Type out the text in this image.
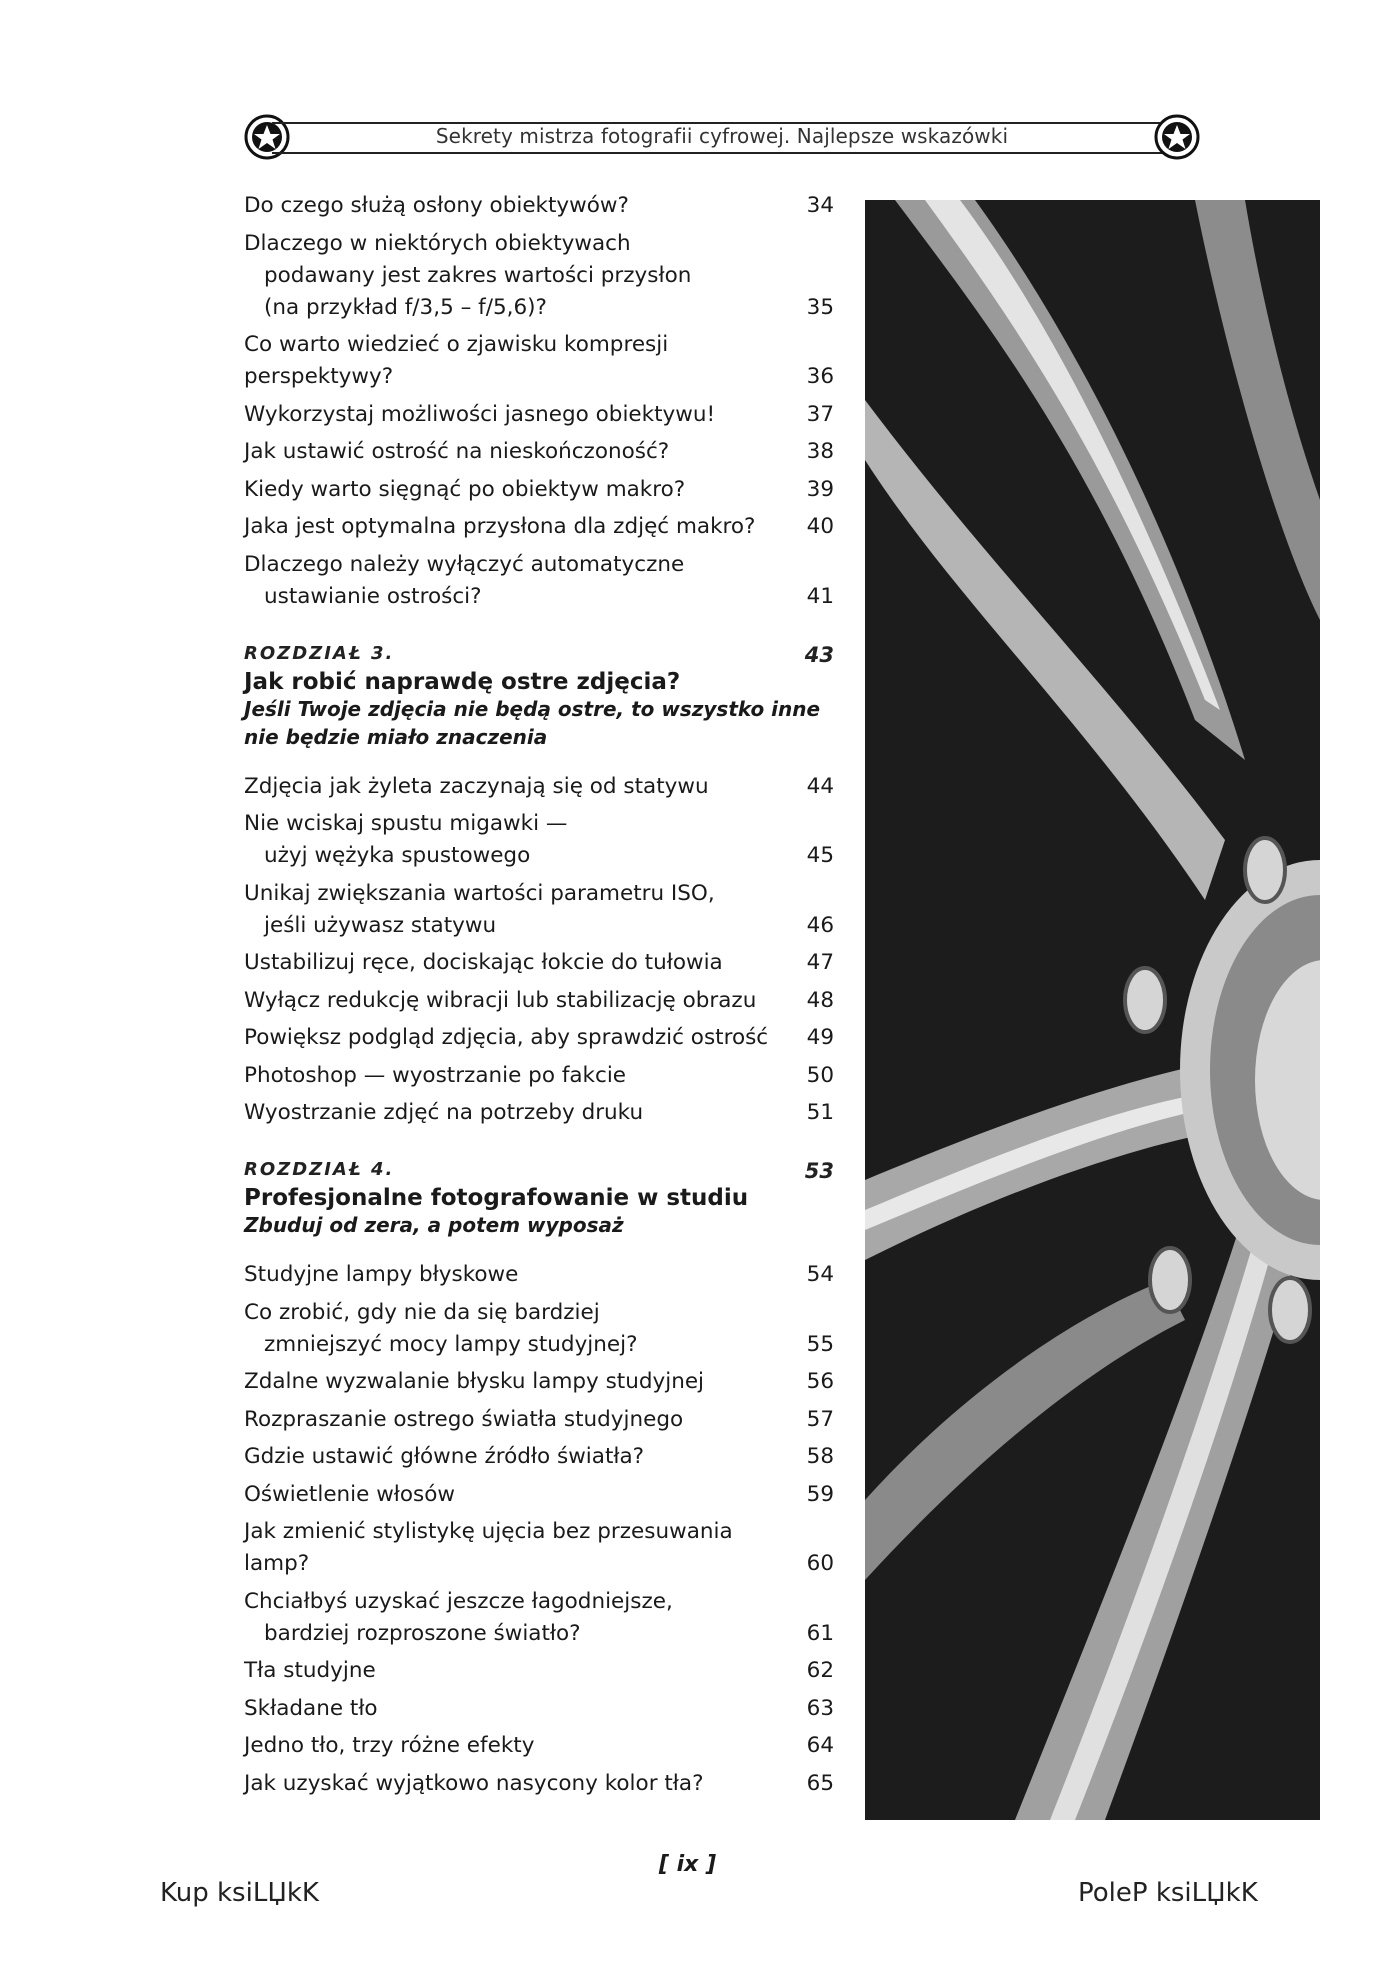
Sekrety mistrza fotografii cyfrowej. Najlepsze wskazówki
Do czego służą osłony obiektywów?	34
Dlaczego w niektórych obiektywach
podawany jest zakres wartości przysłon
(na przykład f/3,5 – f/5,6)?	35
Co warto wiedzieć o zjawisku kompresji perspektywy?	36
Wykorzystaj możliwości jasnego obiektywu!	37
Jak ustawić ostrość na nieskończoność?	38
Kiedy warto sięgnąć po obiektyw makro?	39
Jaka jest optymalna przysłona dla zdjęć makro?	40
Dlaczego należy wyłączyć automatyczne
ustawianie ostrości?	41
ROZDZIAŁ 3.	43
Jak robić naprawdę ostre zdjęcia?
Jeśli Twoje zdjęcia nie będą ostre, to wszystko inne
nie będzie miało znaczenia
Zdjęcia jak żyleta zaczynają się od statywu	44
Nie wciskaj spustu migawki —
użyj wężyka spustowego	45
Unikaj zwiększania wartości parametru ISO,
jeśli używasz statywu	46
Ustabilizuj ręce, dociskając łokcie do tułowia	47
Wyłącz redukcję wibracji lub stabilizację obrazu	48
Powiększ podgląd zdjęcia, aby sprawdzić ostrość	49
Photoshop — wyostrzanie po fakcie	50
Wyostrzanie zdjęć na potrzeby druku	51
ROZDZIAŁ 4.	53
Profesjonalne fotografowanie w studiu
Zbuduj od zera, a potem wyposaż
Studyjne lampy błyskowe	54
Co zrobić, gdy nie da się bardziej
zmniejszyć mocy lampy studyjnej?	55
Zdalne wyzwalanie błysku lampy studyjnej	56
Rozpraszanie ostrego światła studyjnego	57
Gdzie ustawić główne źródło światła?	58
Oświetlenie włosów	59
Jak zmienić stylistykę ujęcia bez przesuwania lamp?	60
Chciałbyś uzyskać jeszcze łagodniejsze,
bardziej rozproszone światło?	61
Tła studyjne	62
Składane tło	63
Jedno tło, trzy różne efekty	64
Jak uzyskać wyjątkowo nasycony kolor tła?	65
[ ix ]
Kup ksiLЏkK	PoleP ksiLЏkK
